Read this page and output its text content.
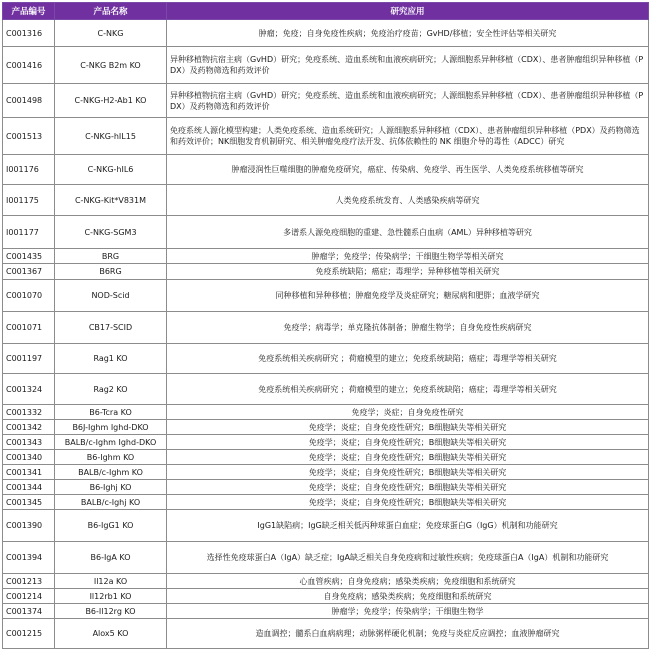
产品编号	产品名称	研究应用
C001316	C-NKG	肿瘤；免疫；自身免疫性疾病；免疫治疗疫苗；GvHD/移植；安全性评估等相关研究
C001416	C-NKG B2m KO	异种移植物抗宿主病（GvHD）研究；免疫系统、造血系统和血液疾病研究；人源细胞系异种移植（CDX）、患者肿瘤组织异种移植（PDX）及药物筛选和药效评价
C001498	C-NKG-H2-Ab1 KO	异种移植物抗宿主病（GvHD）研究；免疫系统、造血系统和血液疾病研究；人源细胞系异种移植（CDX）、患者肿瘤组织异种移植（PDX）及药物筛选和药效评价
C001513	C-NKG-hIL15	免疫系统人源化模型构建；人类免疫系统、造血系统研究；人源细胞系异种移植（CDX）、患者肿瘤组织异种移植（PDX）及药物筛选和药效评价；NK细胞发育机制研究、相关肿瘤免疫疗法开发、抗体依赖性的 NK 细胞介导的毒性（ADCC）研究
I001176	C-NKG-hIL6	肿瘤浸润性巨噬细胞的肿瘤免疫研究，癌症、传染病、免疫学、再生医学、人类免疫系统移植等研究
I001175	C-NKG-Kit*V831M	人类免疫系统发育、人类感染疾病等研究
I001177	C-NKG-SGM3	多谱系人源免疫细胞的重建、急性髓系白血病（AML）异种移植等研究
C001435	BRG	肿瘤学；免疫学；传染病学；干细胞生物学等相关研究
C001367	B6RG	免疫系统缺陷；癌症；毒理学；异种移植等相关研究
C001070	NOD-Scid	同种移植和异种移植；肿瘤免疫学及炎症研究；糖尿病和肥胖；血液学研究
C001071	CB17-SCID	免疫学；病毒学；单克隆抗体制备；肿瘤生物学；自身免疫性疾病研究
C001197	Rag1 KO	免疫系统相关疾病研究 ；荷瘤模型的建立；免疫系统缺陷；癌症；毒理学等相关研究
C001324	Rag2 KO	免疫系统相关疾病研究 ；荷瘤模型的建立；免疫系统缺陷；癌症；毒理学等相关研究
C001332	B6-Tcra KO	免疫学；炎症；自身免疫性研究
C001342	B6J-Ighm Ighd-DKO	免疫学；炎症；自身免疫性研究；B细胞缺失等相关研究
C001343	BALB/c-Ighm Ighd-DKO	免疫学；炎症；自身免疫性研究；B细胞缺失等相关研究
C001340	B6-Ighm KO	免疫学；炎症；自身免疫性研究；B细胞缺失等相关研究
C001341	BALB/c-Ighm KO	免疫学；炎症；自身免疫性研究；B细胞缺失等相关研究
C001344	B6-Ighj KO	免疫学；炎症；自身免疫性研究；B细胞缺失等相关研究
C001345	BALB/c-Ighj KO	免疫学；炎症；自身免疫性研究；B细胞缺失等相关研究
C001390	B6-IgG1 KO	IgG1缺陷病；IgG缺乏相关低丙种球蛋白血症；免疫球蛋白G（IgG）机制和功能研究
C001394	B6-IgA KO	选择性免疫球蛋白A（IgA）缺乏症；IgA缺乏相关自身免疫病和过敏性疾病；免疫球蛋白A（IgA）机制和功能研究
C001213	Il12a KO	心血管疾病；自身免疫病；感染类疾病；免疫细胞和系统研究
C001214	Il12rb1 KO	自身免疫病；感染类疾病；免疫细胞和系统研究
C001374	B6-Il12rg KO	肿瘤学；免疫学；传染病学；干细胞生物学
C001215	Alox5 KO	造血调控；髓系白血病病理；动脉粥样硬化机制；免疫与炎症反应调控；血液肿瘤研究
